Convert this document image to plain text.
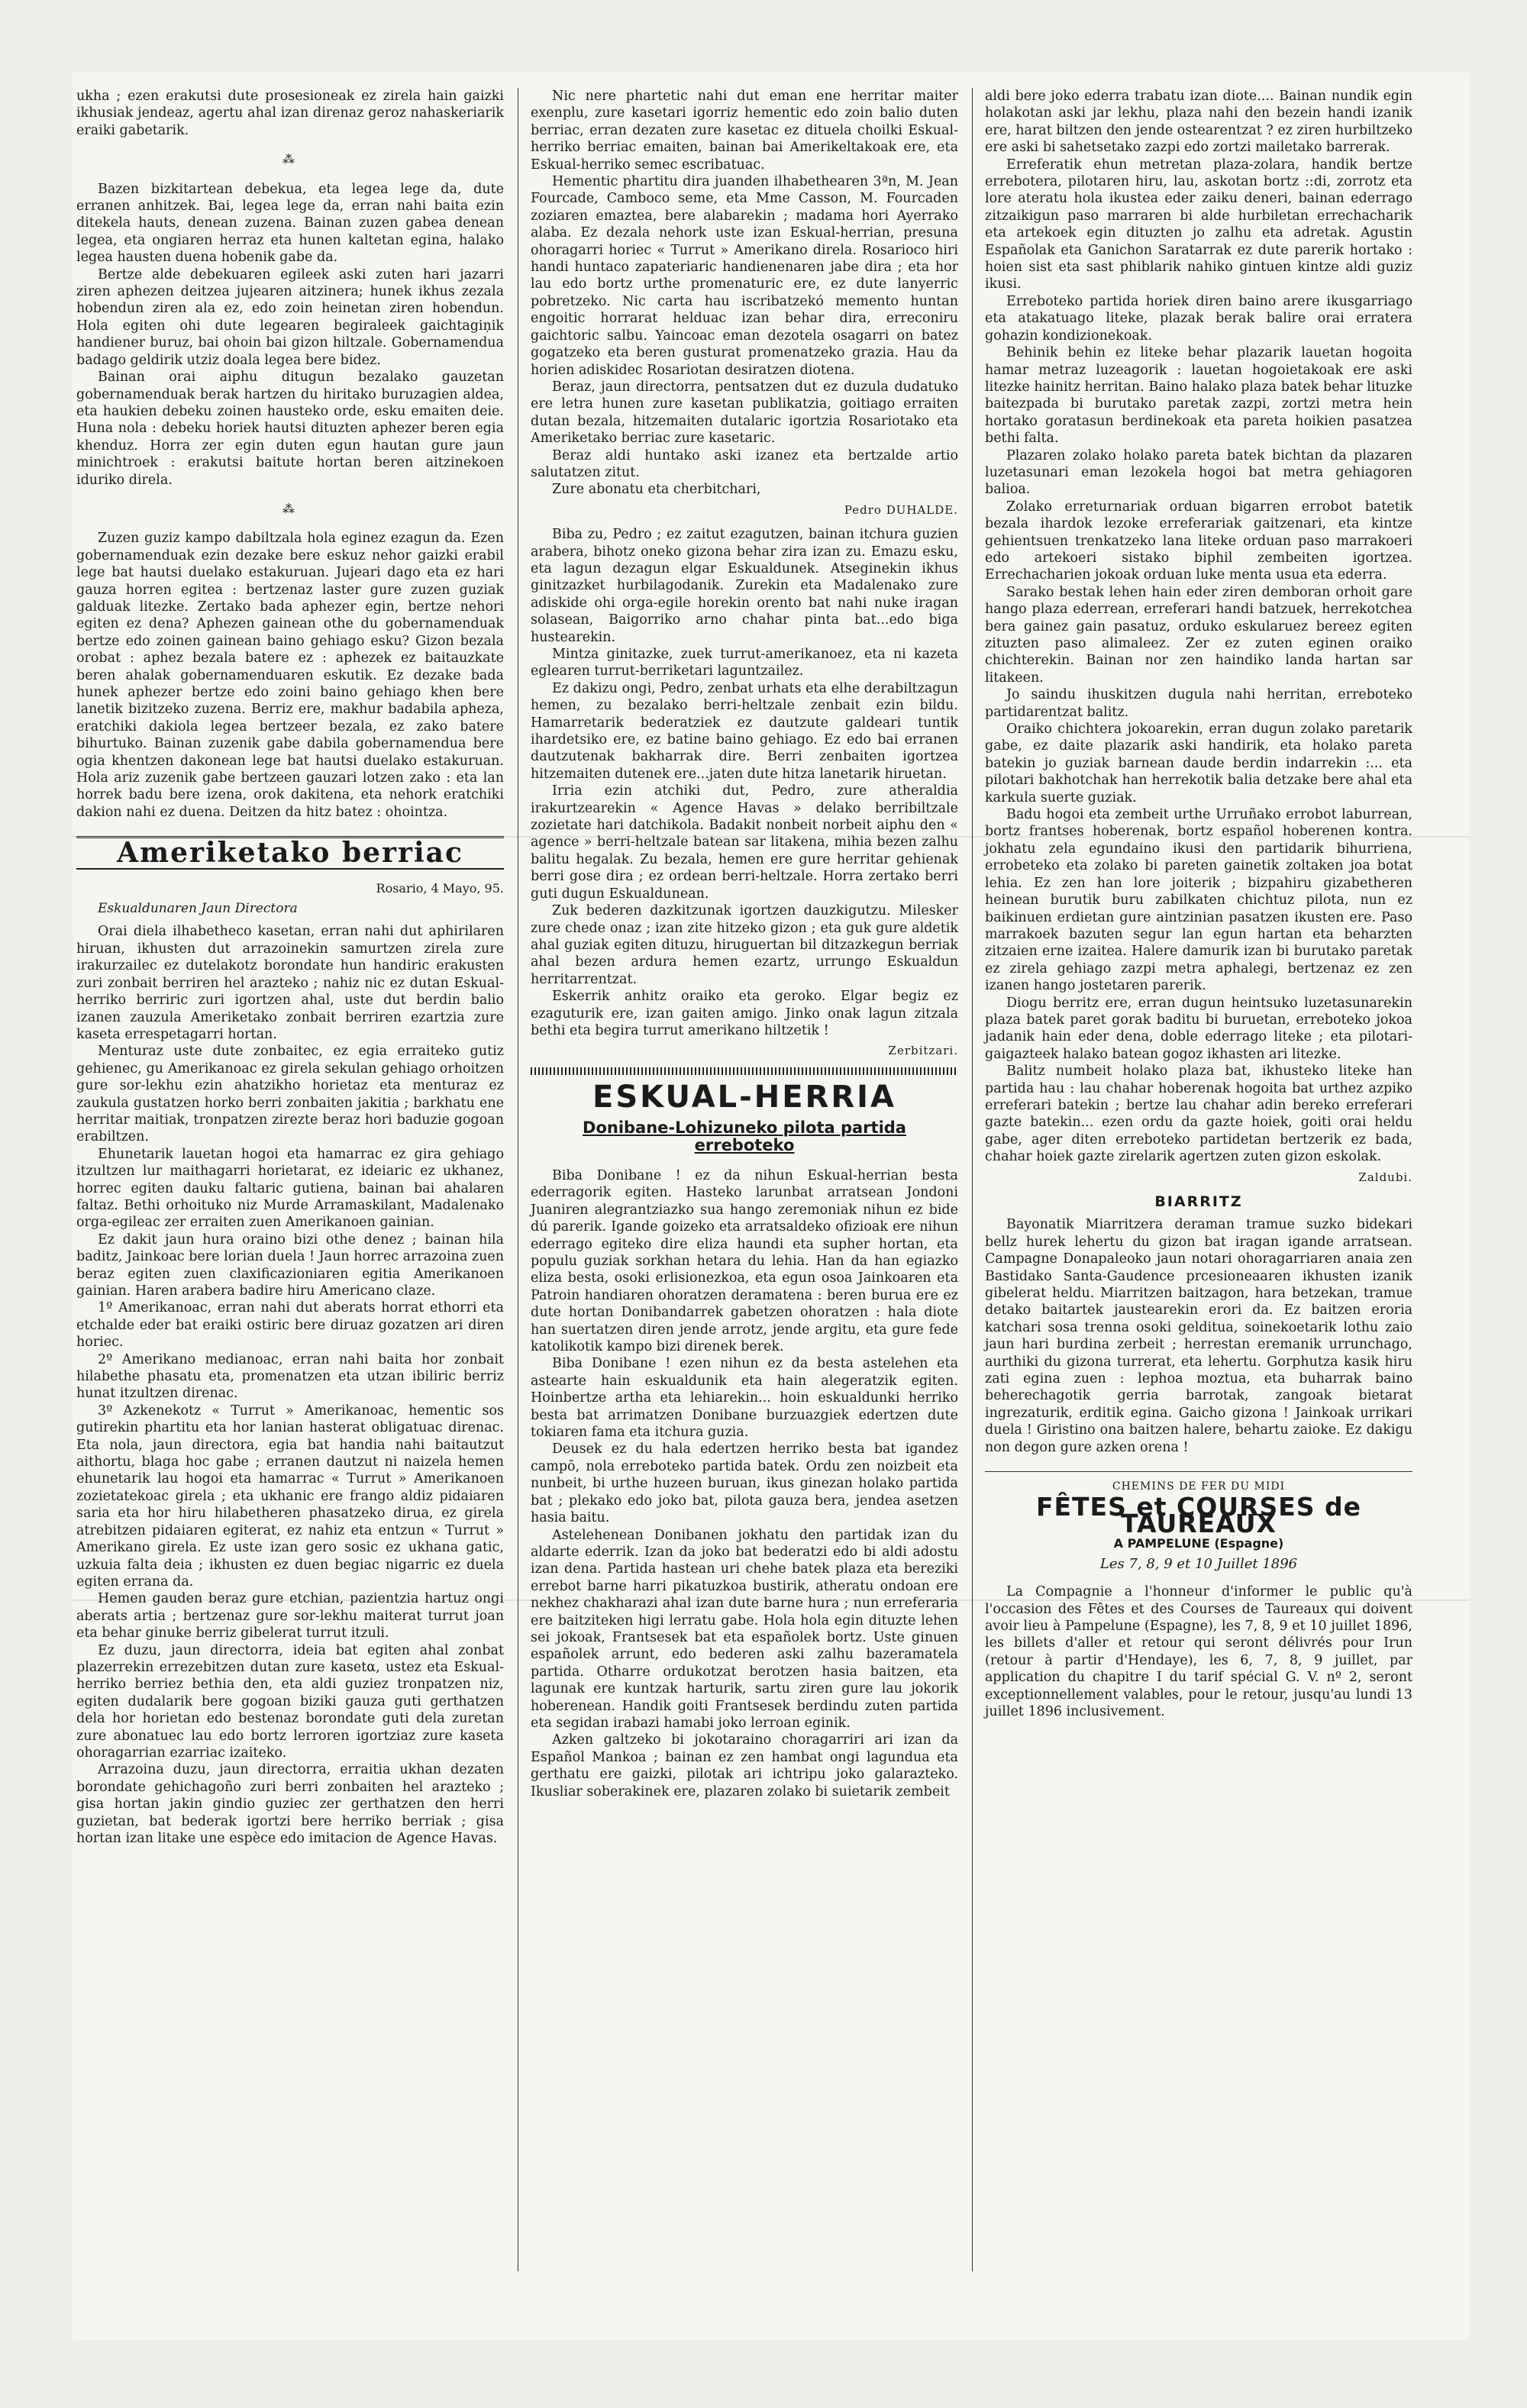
ukha ; ezen erakutsi dute prosesioneak ez zirela hain gaizki ikhusiak jendeaz, agertu ahal izan direnaz geroz nahaskeriarik eraiki gabetarik.

⁂

Bazen bizkitartean debekua, eta legea lege da, dute erranen anhitzek. Bai, legea lege da, erran nahi baita ezin ditekela hauts, denean zuzena. Bainan zuzen gabea denean legea, eta ongiaren herraz eta hunen kaltetan egina, halako legea hausten duena hobenik gabe da.

Bertze alde debekuaren egileek aski zuten hari jazarri ziren aphezen deitzea jujearen aitzinera; hunek ikhus zezala hobendun ziren ala ez, edo zoin heinetan ziren hobendun. Hola egiten ohi dute legearen begiraleek gaichtagiņik handiener buruz, bai ohoin bai gizon hiltzale. Gobernamendua badago geldirik utziz doala legea bere bidez.

Bainan orai aiphu ditugun bezalako gauzetan gobernamenduak berak hartzen du hiritako buruzagien aldea, eta haukien debeku zoinen hausteko orde, esku emaiten deie. Huna nola : debeku horiek hautsi dituzten aphezer beren egia khenduz. Horra zer egin duten egun hautan gure jaun minichtroek : erakutsi baitute hortan beren aitzinekoen iduriko direla.

⁂

Zuzen guziz kampo dabiltzala hola eginez ezagun da. Ezen gobernamenduak ezin dezake bere eskuz nehor gaizki erabil lege bat hautsi duelako estakuruan. Jujeari dago eta ez hari gauza horren egitea : bertzenaz laster gure zuzen guziak galduak litezke. Zertako bada aphezer egin, bertze nehori egiten ez dena? Aphezen gainean othe du gobernamenduak bertze edo zoinen gainean baino gehiago esku? Gizon bezala orobat : aphez bezala batere ez : aphezek ez baitauzkate beren ahalak gobernamenduaren eskutik. Ez dezake bada hunek aphezer bertze edo zoini baino gehiago khen bere lanetik bizitzeko zuzena. Berriz ere, makhur badabila apheza, eratchiki dakiola legea bertzeer bezala, ez zako batere bihurtuko. Bainan zuzenik gabe dabila gobernamendua bere ogia khentzen dakonean lege bat hautsi duelako estakuruan. Hola ariz zuzenik gabe bertzeen gauzari lotzen zako : eta lan horrek badu bere izena, orok dakitena, eta nehork eratchiki dakion nahi ez duena. Deitzen da hitz batez : ohointza.

Ameriketako berriac
Rosario, 4 Mayo, 95.
Eskualdunaren Jaun Directora

Orai diela ilhabetheco kasetan, erran nahi dut aphirilaren hiruan, ikhusten dut arrazoinekin samurtzen zirela zure irakurzailec ez dutelakotz borondate hun handiric erakusten zuri zonbait berriren hel arazteko ; nahiz nic ez dutan Eskual-herriko berriric zuri igortzen ahal, uste dut berdin baliο izanen zauzula Ameriketako zonbait berriren ezartzia zure kaseta errespetagarri hortan.

Menturaz uste dute zonbaitec, ez egia erraiteko gutiz gehienec, gu Amerikanoac ez girela sekulan gehiago orhoitzen gure sor-lekhu ezin ahatzikho horietaz eta menturaz ez zaukula gustatzen horko berri zonbaiten jakitia ; barkhatu ene herritar maitiak, tronpatzen zirezte beraz hori baduzie gogoan erabiltzen.

Ehunetarik lauetan hogoi eta hamarrac ez gira gehiago itzultzen lur maithagarri horietarat, ez ideiaric ez ukhanez, horrec egiten dauku faltaric gutiena, bainan bai ahalaren faltaz. Bethi orhoituko niz Murde Arramaskilant, Madalenako orga-egileac zer erraiten zuen Amerikanoen gainian.

Ez dakit jaun hura oraino bizi othe denez ; bainan hila baditz, Jainkoac bere lorian duela ! Jaun horrec arrazoina zuen beraz egiten zuen claxificazioniaren egitia Amerikanoen gainian. Haren arabera badire hiru Americano claze.

1º Amerikanoac, erran nahi dut aberats horrat ethorri eta etchalde eder bat eraiki ostiric bere diruaz gozatzen ari diren horiec.

2º Amerikano medianoac, erran nahi baita hor zonbait hilabethe phasatu eta, promenatzen eta utzan ibiliric berriz hunat itzultzen direnac.

3º Azkenekotz « Turrut » Amerikanoac, hementic sos gutirekin phartitu eta hor lanian hasterat obligatuac direnac. Eta nola, jaun directora, egia bat handia nahi baitautzut aithortu, blaga hoc gabe ; erranen dautzut ni naizela hemen ehunetarik lau hogoi eta hamarrac « Turrut » Amerikanoen zozietatekoac girela ; eta ukhanic ere frango aldiz pidaiaren saria eta hor hiru hilabetheren phasatzeko dirua, ez girela atrebitzen pidaiaren egiterat, ez nahiz eta entzun « Turrut » Amerikano girela. Ez uste izan gero sosic ez ukhana gatic, uzkuia falta deia ; ikhusten ez duen begiac nigarric ez duela egiten errana da.

Hemen gauden beraz gure etchian, pazientzia hartuz ongi aberats artia ; bertzenaz gure sor-lekhu maiterat turrut joan eta behar ginuke berriz gibelerat turrut itzuli.

Ez duzu, jaun directorra, ideia bat egiten ahal zonbat plazerrekin errezebitzen dutan zure kasetα, ustez eta Eskual-herriko berriez bethia den, eta aldi guziez tronpatzen niz, egiten dudalarik bere gogoan biziki gauza guti gerthatzen dela hor horietan edo bestenaz borondate guti dela zuretan zure abonatuec lau edo bortz lerroren igortziaz zure kaseta ohoragarrian ezarriac izaiteko.

Arrazoina duzu, jaun directorra, erraitia ukhan dezaten borondate gehichagoño zuri berri zonbaiten hel arazteko ; gisa hortan jakin gindio guziec zer gerthatzen den herri guzietan, bat bederak igortzi bere herriko berriak ; gisa hortan izan litake une espèce edo imitacion de Agence Havas.

Nic nere phartetic nahi dut eman ene herritar maiter exenplu, zure kasetari igorriz hementic edo zoin balio duten berriac, erran dezaten zure kasetac ez dituela choilki Eskual-herriko berriac emaiten, bainan bai Amerikeltakoak ere, eta Eskual-herriko semec escribatuac.

Hementic phartitu dira juanden ilhabethearen 3ªn, M. Jean Fourcade, Camboco seme, eta Mme Casson, M. Fourcaden zoziaren emaztea, bere alabarekin ; madama hori Ayerrako alaba. Ez dezala nehork uste izan Eskual-herrian, presuna ohoragarri horiec « Turrut » Amerikano direla. Rosarioco hiri handi huntaco zapateriaric handienenaren jabe dira ; eta hor lau edo bortz urthe promenaturic ere, ez dute lanyerric pobretzeko. Nic carta hau iscribatzekó memento huntan engoitic horrarat helduac izan behar dira, erreconiru gaichtoric salbu. Yaincoac eman dezotela osagarri on batez gogatzeko eta beren gusturat promenatzeko grazia. Hau da horien adiskidec Rosariotan desiratzen diotena.

Beraz, jaun directorra, pentsatzen dut ez duzula dudatuko ere letra hunen zure kasetan publikatzia, goitiago erraiten dutan bezala, hitzemaiten dutalaric igortzia Rosariotako eta Ameriketako berriac zure kasetaric.

Beraz aldi huntako aski izanez eta bertzalde artio salutatzen zitut.

Zure abonatu eta cherbitchari,

Pedro DUHALDE.

Biba zu, Pedro ; ez zaitut ezagutzen, bainan itchura guzien arabera, bihotz oneko gizona behar zira izan zu. Emazu esku, eta lagun dezagun elgar Eskualdunek. Atseginekin ikhus ginitzazket hurbilagodanik. Zurekin eta Madalenako zure adiskide ohi orga-egile horekin orento bat nahi nuke iragan solasean, Baigorriko arno chahar pinta bat...edo biga hustearekin.

Mintza ginitazke, zuek turrut-amerikanoez, eta ni kazeta eglearen turrut-berriketari laguntzailez.

Ez dakizu ongi, Pedro, zenbat urhats eta elhe derabiltzagun hemen, zu bezalako berri-heltzale zenbait ezin bildu. Hamarretarik bederatziek ez dautzute galdeari tuntik ihardetsiko ere, ez batine baino gehiago. Ez edo bai erranen dautzutenak bakharrak dire. Berri zenbaiten igortzea hitzemaiten dutenek ere...jaten dute hitza lanetarik hiruetan.

Irria ezin atchiki dut, Pedro, zure atheraldia irakurtzearekin « Agence Havas » delako berribiltzale zozietate hari datchikola. Badakit nonbeit norbeit aiphu den « agence » berri-heltzale batean sar litakena, mihia bezen zalhu balitu hegalak. Zu bezala, hemen ere gure herritar gehienak berri gose dira ; ez ordean berri-heltzale. Horra zertako berri guti dugun Eskualdunean.

Zuk bederen dazkitzunak igortzen dauzkigutzu. Milesker zure chede onaz ; izan zite hitzeko gizon ; eta guk gure aldetik ahal guziak egiten dituzu, hiruguertan bil ditzazkegun berriak ahal bezen ardura hemen ezartz, urrungo Eskualdun herritarrentzat.

Eskerrik anhitz oraiko eta geroko. Elgar begiz ez ezaguturik ere, izan gaiten amigo. Jinko onak lagun zitzala bethi eta begira turrut amerikano hiltzetik !

Zerbitzari.
ESKUAL-HERRIA
Donibane-Lohizuneko pilota partida erreboteko

Biba Donibane ! ez da nihun Eskual-herrian besta ederragorik egiten. Hasteko larunbat arratsean Jondoni Juaniren alegrantziazko sua hango zeremoniak nihun ez bide dú parerik. Igande goizeko eta arratsaldeko ofizioak ere nihun ederrago egiteko dire eliza haundi eta supher hortan, eta populu guziak sorkhan hetara du lehia. Han da han egiazko eliza besta, osoki erlisionezkoa, eta egun osoa Jainkoaren eta Patroin handiaren ohoratzen deramatena : beren burua ere ez dute hortan Donibandarrek gabetzen ohoratzen : hala diote han suertatzen diren jende arrotz, jende argitu, eta gure fede katolikotik kampo bizi direnek berek.

Biba Donibane ! ezen nihun ez da besta astelehen eta astearte hain eskualdunik eta hain alegeratzik egiten. Hoinbertze artha eta lehiarekin... hoin eskualdunki herriko besta bat arrimatzen Donibane burzuazgiek edertzen dute tokiaren fama eta itchura guzia.

Deusek ez du hala edertzen herriko besta bat igandez campō, nola erreboteko partida batek. Ordu zen noizbeit eta nunbeit, bi urthe huzeen buruan, ikus ginezan holako partida bat ; plekako edo joko bat, pilota gauza bera, jendea asetzen hasia baitu.

Astelehenean Donibanen jokhatu den partidak izan du aldarte ederrik. Izan da joko bat bederatzi edo bi aldi adostu izan dena. Partida hastean uri chehe batek plaza eta bereziki errebot barne harri pikatuzkoa bustirik, atheratu ondoan ere nekhez chakharazi ahal izan dute barne hura ; nun erreferaria ere baitziteken higi lerratu gabe. Hola hola egin dituzte lehen sei jokoak, Frantsesek bat eta españolek bortz. Uste ginuen españolek arrunt, edo bederen aski zalhu bazeramatela partida. Otharre ordukotzat berotzen hasia baitzen, eta lagunak ere kuntzak harturik, sartu ziren gure lau jokorik hoberenean. Handik goiti Frantsesek berdindu zuten partida eta segidan irabazi hamabi joko lerroan eginik.

Azken galtzeko bi jokotaraino choragarriri ari izan da Español Mankoa ; bainan ez zen hambat ongi lagundua eta gerthatu ere gaizki, pilotak ari ichtripu joko galarazteko. Ikusliar soberakinek ere, plazaren zolako bi suietarik zembeit

aldi bere joko ederra trabatu izan diote.... Bainan nundik egin holakotan aski jar lekhu, plaza nahi den bezein handi izanik ere, harat biltzen den jende ostearentzat ? ez ziren hurbiltzeko ere aski bi sahetsetako zazpi edo zortzi mailetako barrerak.

Erreferatik ehun metretan plaza-zolara, handik bertze errebotera, pilotaren hiru, lau, askotan bortz ::di, zorrotz eta lore ateratu hola ikustea eder zaiku deneri, bainan ederrago zitzaikigun paso marraren bi alde hurbiletan errechacharik eta artekoek egin dituzten jo zalhu eta adretak. Agustin Españolak eta Ganichon Saratarrak ez dute parerik hortako : hoien sist eta sast phiblarik nahiko gintuen kintze aldi guziz ikusi.

Erreboteko partida horiek diren baino arere ikusgarriago eta atakatuago liteke, plazak berak balire orai erratera gohazin kondizionekoak.

Behinik behin ez liteke behar plazarik lauetan hogoita hamar metraz luzeagorik : lauetan hogoietakoak ere aski litezke hainitz herritan. Baino halako plaza batek behar lituzke baitezpada bi burutako paretak zazpi, zortzi metra hein hortako goratasun berdinekoak eta pareta hoikien pasatzea bethi falta.

Plazaren zolako holako pareta batek bichtan da plazaren luzetasunari eman lezokela hogoi bat metra gehiagoren balioa.

Zolako erreturnariak orduan bigarren errobot batetik bezala ihardok lezoke erreferariak gaitzenari, eta kintze gehientsuen trenkatzeko lana liteke orduan paso marrakoeri edo artekoeri sistako biphil zembeiten igortzea. Errechacharien jokoak orduan luke menta usua eta ederra.

Sarako bestak lehen hain eder ziren demboran orhoit gare hango plaza ederrean, erreferari handi batzuek, herrekotchea bera gainez gain pasatuz, orduko eskularuez bereez egiten zituzten paso alimaleez. Zer ez zuten eginen oraiko chichterekin. Bainan nor zen haindiko landa hartan sar litakeen.

Jo saindu ihuskitzen dugula nahi herritan, erreboteko partidarentzat balitz.

Oraiko chichtera jokoarekin, erran dugun zolako paretarik gabe, ez daite plazarik aski handirik, eta holako pareta batekin jo guziak barnean daude berdin indarrekin :... eta pilotari bakhotchak han herrekotik balia detzake bere ahal eta karkula suerte guziak.

Badu hogoi eta zembeit urthe Urruñako errobot laburrean, bortz frantses hoberenak, bortz español hoberenen kontra. jokhatu zela egundaino ikusi den partidarik bihurriena, errobeteko eta zolako bi pareten gainetik zoltaken joa botat lehia. Ez zen han lore joiterik ; bizpahiru gizabetheren heinean burutik buru zabilkaten chichtuz pilota, nun ez baikinuen erdietan gure aintzinian pasatzen ikusten ere. Paso marrakoek bazuten segur lan egun hartan eta beharzten zitzaien erne izaitea. Halere damurik izan bi burutako paretak ez zirela gehiago zazpi metra aphalegi, bertzenaz ez zen izanen hango jostetaren parerik.

Diogu berritz ere, erran dugun heintsuko luzetasunarekin plaza batek paret gorak baditu bi buruetan, erreboteko jokoa jadanik hain eder dena, doble ederrago liteke ; eta pilotari-gaigazteek halako batean gogoz ikhasten ari litezke.

Balitz numbeit holako plaza bat, ikhusteko liteke han partida hau : lau chahar hoberenak hogoita bat urthez azpiko erreferari batekin ; bertze lau chahar adin bereko erreferari gazte batekin... ezen ordu da gazte hoiek, goiti orai heldu gabe, ager diten erreboteko partidetan bertzerik ez bada, chahar hoiek gazte zirelarik agertzen zuten gizon eskolak.

Zaldubi.
BIARRITZ

Bayonatik Miarritzera deraman tramue suzko bidekari bellz hurek lehertu du gizon bat iragan igande arratsean. Campagne Donapaleoko jaun notari ohoragarriaren anaia zen Bastidako Santa-Gaudence prcesioneaaren ikhusten izanik gibelerat heldu. Miarritzen baitzagon, hara betzekan, tramue detako baitartek jaustearekin erori da. Ez baitzen eroria katchari sosa trenna osoki gelditua, soinekoetarik lothu zaio jaun hari burdina zerbeit ; herrestan eremanik urrunchago, aurthiki du gizona turrerat, eta lehertu. Gorphutza kasik hiru zati egina zuen : lephoa moztua, eta buharrak baino beherechagotik gerria barrotak, zangoak bietarat ingrezaturik, erditik egina. Gaicho gizona ! Jainkoak urrikari duela ! Giristino ona baitzen halere, behartu zaioke. Ez dakigu non degon gure azken orena !

CHEMINS DE FER DU MIDI
FÊTES et COURSES de TAUREAUX
A PAMPELUNE (Espagne)
Les 7, 8, 9 et 10 Juillet 1896

La Compagnie a l'honneur d'informer le public qu'à l'occasion des Fêtes et des Courses de Taureaux qui doivent avoir lieu à Pampelune (Espagne), les 7, 8, 9 et 10 juillet 1896, les billets d'aller et retour qui seront délivrés pour Irun (retour à partir d'Hendaye), les 6, 7, 8, 9 juillet, par application du chapitre I du tarif spécial G. V. nº 2, seront exceptionnellement valables, pour le retour, jusqu'au lundi 13 juillet 1896 inclusivement.
